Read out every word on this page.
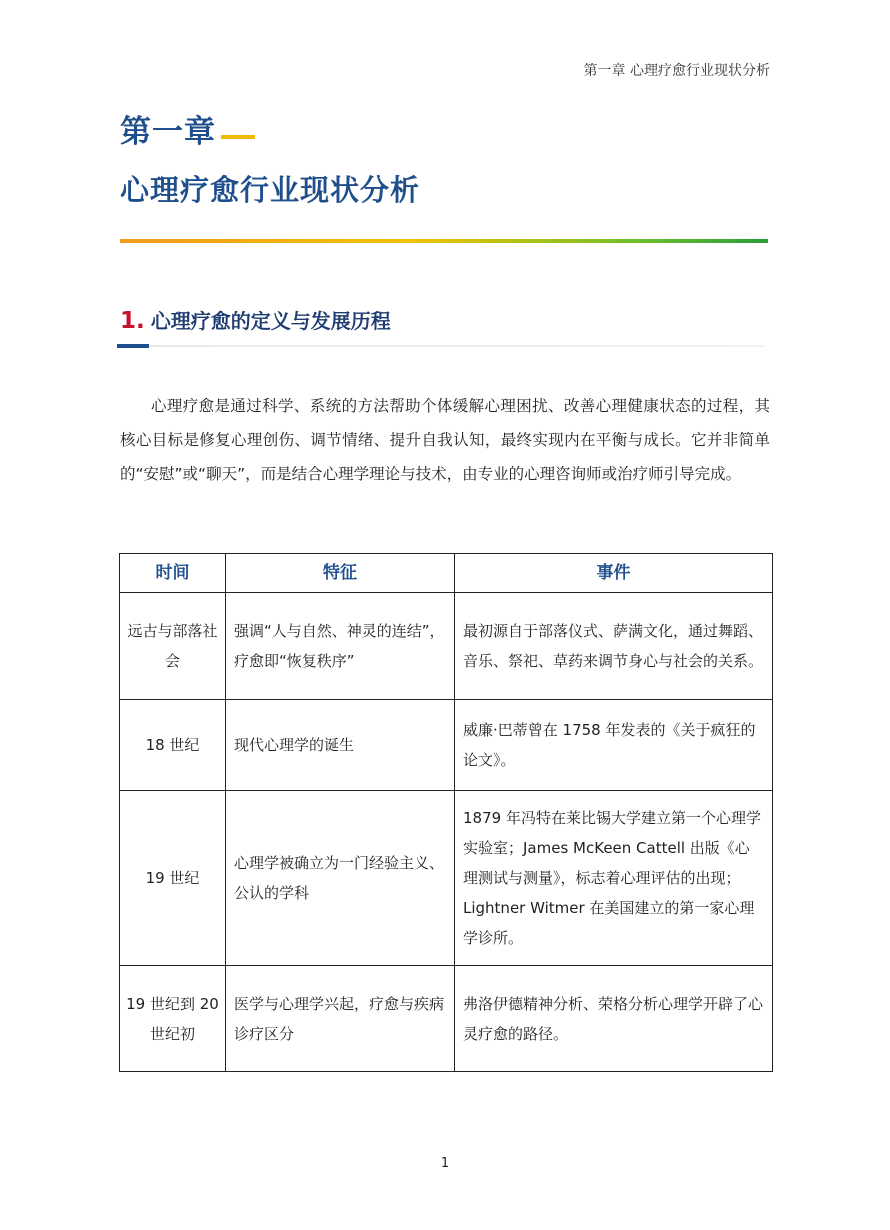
第一章 心理疗愈行业现状分析
第一章
心理疗愈行业现状分析
1. 心理疗愈的定义与发展历程
心理疗愈是通过科学、系统的方法帮助个体缓解心理困扰、改善心理健康状态的过程，其核心目标是修复心理创伤、调节情绪、提升自我认知，最终实现内在平衡与成长。它并非简单的“安慰”或“聊天”，而是结合心理学理论与技术，由专业的心理咨询师或治疗师引导完成。
时间	特征	事件
远古与部落社会	强调“人与自然、神灵的连结”，疗愈即“恢复秩序”	最初源自于部落仪式、萨满文化，通过舞蹈、音乐、祭祀、草药来调节身心与社会的关系。
18 世纪	现代心理学的诞生	威廉·巴蒂曾在 1758 年发表的《关于疯狂的论文》。
19 世纪	心理学被确立为一门经验主义、公认的学科	1879 年冯特在莱比锡大学建立第一个心理学实验室；James McKeen Cattell 出版《心理测试与测量》，标志着心理评估的出现；Lightner Witmer 在美国建立的第一家心理学诊所。
19 世纪到 20 世纪初	医学与心理学兴起，疗愈与疾病诊疗区分	弗洛伊德精神分析、荣格分析心理学开辟了心灵疗愈的路径。
1
